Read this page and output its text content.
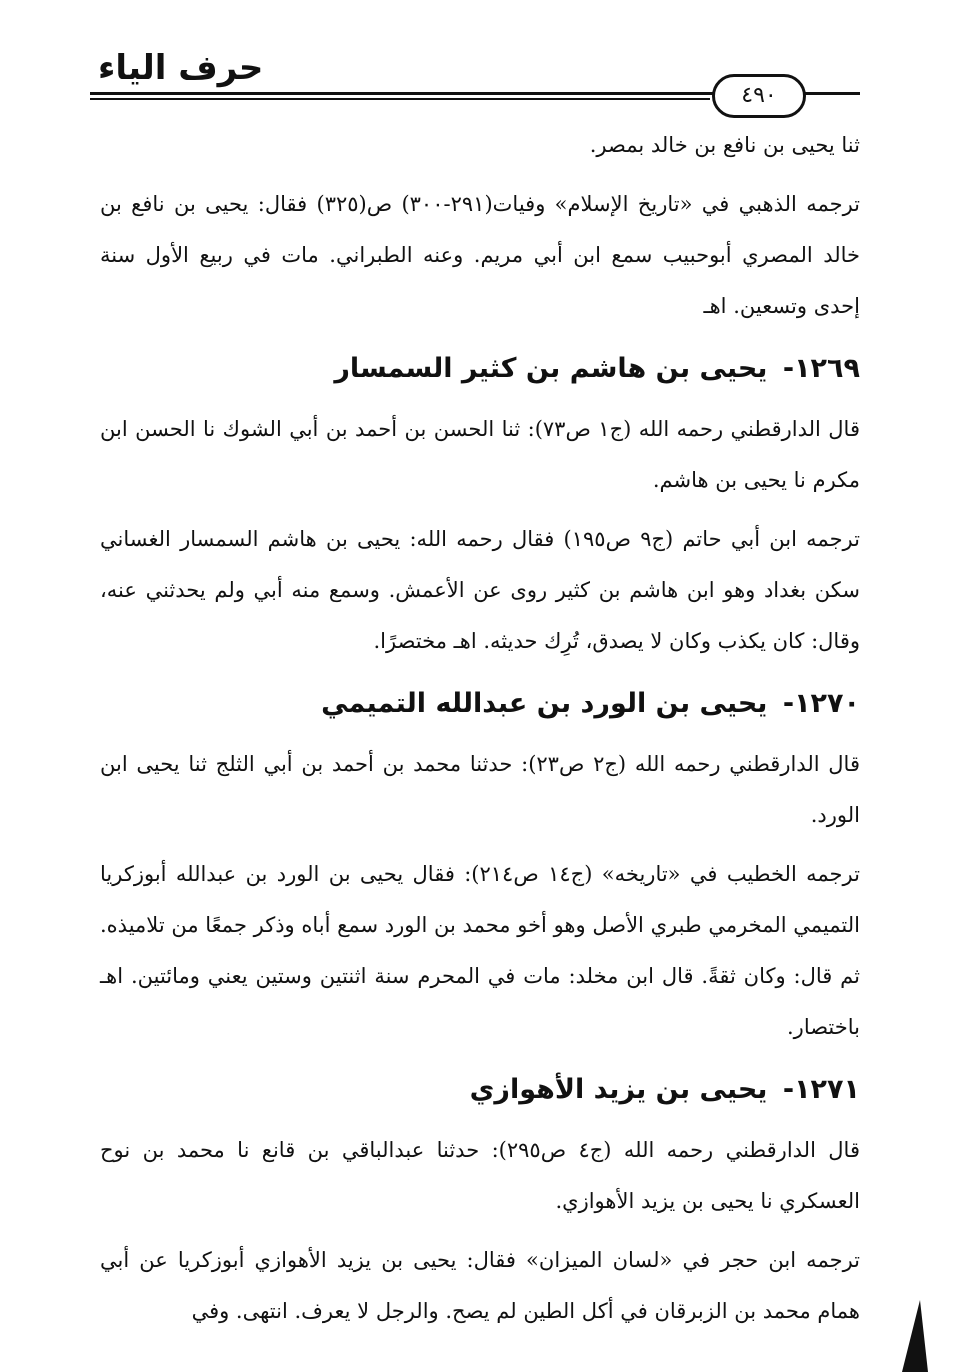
حرف الياء
٤٩٠

ثنا يحيى بن نافع بن خالد بمصر.

ترجمه الذهبي في «تاريخ الإسلام» وفيات(٢٩١-٣٠٠) ص(٣٢٥) فقال: يحيى بن نافع بن خالد المصري أبوحبيب سمع ابن أبي مريم. وعنه الطبراني. مات في ربيع الأول سنة إحدى وتسعين. اهـ

١٢٦٩- يحيى بن هاشم بن كثير السمسار

قال الدارقطني رحمه الله (ج١ ص٧٣): ثنا الحسن بن أحمد بن أبي الشوك نا الحسن ابن مكرم نا يحيى بن هاشم.

ترجمه ابن أبي حاتم (ج٩ ص١٩٥) فقال رحمه الله: يحيى بن هاشم السمسار الغساني سكن بغداد وهو ابن هاشم بن كثير روى عن الأعمش. وسمع منه أبي ولم يحدثني عنه، وقال: كان يكذب وكان لا يصدق، تُرِك حديثه. اهـ مختصرًا.

١٢٧٠- يحيى بن الورد بن عبدالله التميمي

قال الدارقطني رحمه الله (ج٢ ص٢٣): حدثنا محمد بن أحمد بن أبي الثلج ثنا يحيى ابن الورد.

ترجمه الخطيب في «تاريخه» (ج١٤ ص٢١٤): فقال يحيى بن الورد بن عبدالله أبوزكريا التميمي المخرمي طبري الأصل وهو أخو محمد بن الورد سمع أباه وذكر جمعًا من تلاميذه. ثم قال: وكان ثقةً. قال ابن مخلد: مات في المحرم سنة اثنتين وستين يعني ومائتين. اهـ باختصار.

١٢٧١- يحيى بن يزيد الأهوازي

قال الدارقطني رحمه الله (ج٤ ص٢٩٥): حدثنا عبدالباقي بن قانع نا محمد بن نوح العسكري نا يحيى بن يزيد الأهوازي.

ترجمه ابن حجر في «لسان الميزان» فقال: يحيى بن يزيد الأهوازي أبوزكريا عن أبي همام محمد بن الزبرقان في أكل الطين لم يصح. والرجل لا يعرف. انتهى. وفي
